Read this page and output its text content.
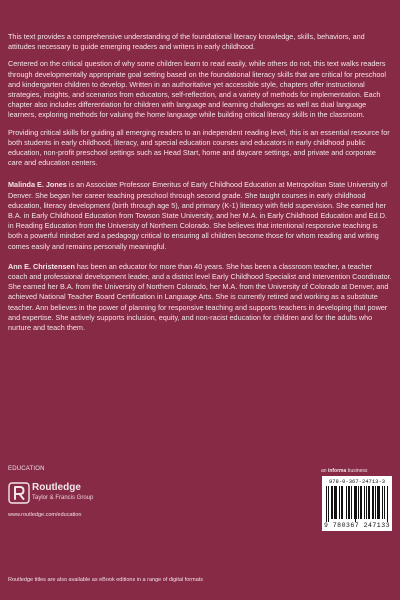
This text provides a comprehensive understanding of the foundational literacy knowledge, skills, behaviors, and attitudes necessary to guide emerging readers and writers in early childhood.

Centered on the critical question of why some children learn to read easily, while others do not, this text walks readers through developmentally appropriate goal setting based on the foundational literacy skills that are critical for preschool and kindergarten children to develop. Written in an authoritative yet accessible style, chapters offer instructional strategies, insights, and scenarios from educators, self-reflection, and a variety of methods for implementation. Each chapter also includes differentiation for children with language and learning challenges as well as dual language learners, exploring methods for valuing the home language while building critical literacy skills in the classroom.

Providing critical skills for guiding all emerging readers to an independent reading level, this is an essential resource for both students in early childhood, literacy, and special education courses and educators in early childhood public education, non-profit preschool settings such as Head Start, home and daycare settings, and private and corporate care and education centers.

Malinda E. Jones is an Associate Professor Emeritus of Early Childhood Education at Metropolitan State University of Denver. She began her career teaching preschool through second grade. She taught courses in early childhood education, literacy development (birth through age 5), and primary (K-1) literacy with field supervision. She earned her B.A. in Early Childhood Education from Towson State University, and her M.A. in Early Childhood Education and Ed.D. in Reading Education from the University of Northern Colorado. She believes that intentional responsive teaching is both a powerful mindset and a pedagogy critical to ensuring all children become those for whom reading and writing comes easily and remains personally meaningful.

Ann E. Christensen has been an educator for more than 40 years. She has been a classroom teacher, a teacher coach and professional development leader, and a district level Early Childhood Specialist and Intervention Coordinator. She earned her B.A. from the University of Northern Colorado, her M.A. from the University of Colorado at Denver, and achieved National Teacher Board Certification in Language Arts. She is currently retired and working as a substitute teacher. Ann believes in the power of planning for responsive teaching and supports teachers in developing that power and expertise. She actively supports inclusion, equity, and non-racist education for children and for the adults who nurture and teach them.

EDUCATION
Routledge
Taylor & Francis Group
www.routledge.com/education
Routledge titles are also available as eBook editions in a range of digital formats
an informa business
978-0-367-24713-3
9 780367 247133
